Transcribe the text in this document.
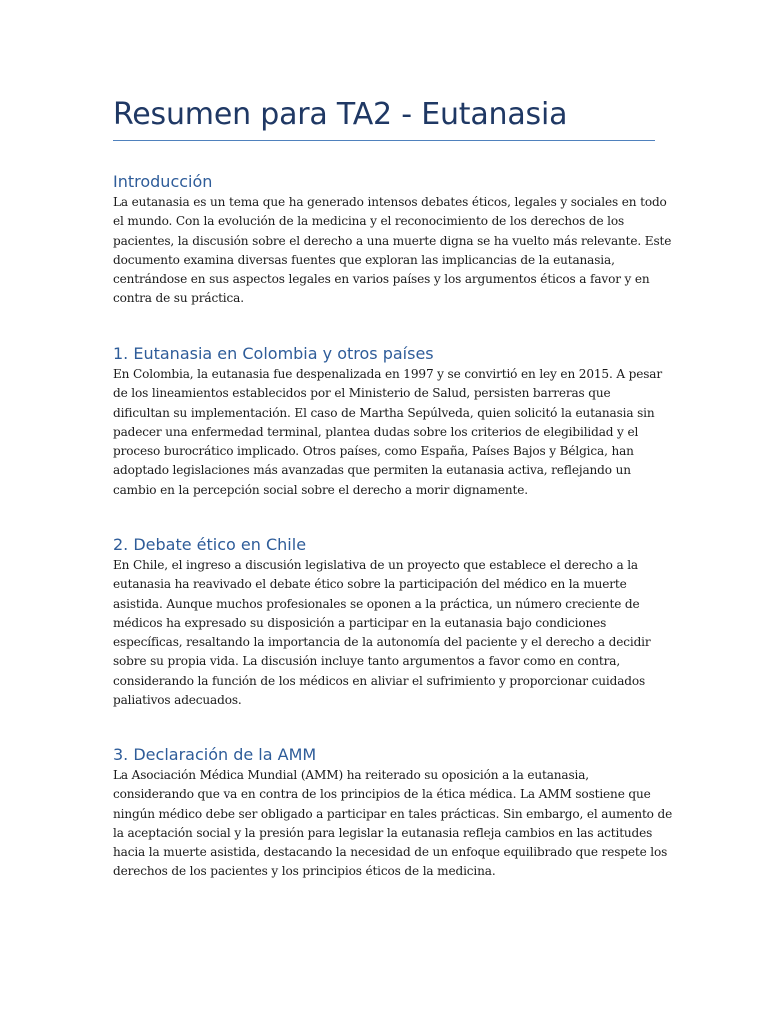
Resumen para TA2 - Eutanasia
Introducción

La eutanasia es un tema que ha generado intensos debates éticos, legales y sociales en todo
el mundo. Con la evolución de la medicina y el reconocimiento de los derechos de los
pacientes, la discusión sobre el derecho a una muerte digna se ha vuelto más relevante. Este
documento examina diversas fuentes que exploran las implicancias de la eutanasia,
centrándose en sus aspectos legales en varios países y los argumentos éticos a favor y en
contra de su práctica.

1. Eutanasia en Colombia y otros países

En Colombia, la eutanasia fue despenalizada en 1997 y se convirtió en ley en 2015. A pesar
de los lineamientos establecidos por el Ministerio de Salud, persisten barreras que
dificultan su implementación. El caso de Martha Sepúlveda, quien solicitó la eutanasia sin
padecer una enfermedad terminal, plantea dudas sobre los criterios de elegibilidad y el
proceso burocrático implicado. Otros países, como España, Países Bajos y Bélgica, han
adoptado legislaciones más avanzadas que permiten la eutanasia activa, reflejando un
cambio en la percepción social sobre el derecho a morir dignamente.

2. Debate ético en Chile

En Chile, el ingreso a discusión legislativa de un proyecto que establece el derecho a la
eutanasia ha reavivado el debate ético sobre la participación del médico en la muerte
asistida. Aunque muchos profesionales se oponen a la práctica, un número creciente de
médicos ha expresado su disposición a participar en la eutanasia bajo condiciones
específicas, resaltando la importancia de la autonomía del paciente y el derecho a decidir
sobre su propia vida. La discusión incluye tanto argumentos a favor como en contra,
considerando la función de los médicos en aliviar el sufrimiento y proporcionar cuidados
paliativos adecuados.

3. Declaración de la AMM

La Asociación Médica Mundial (AMM) ha reiterado su oposición a la eutanasia,
considerando que va en contra de los principios de la ética médica. La AMM sostiene que
ningún médico debe ser obligado a participar en tales prácticas. Sin embargo, el aumento de
la aceptación social y la presión para legislar la eutanasia refleja cambios en las actitudes
hacia la muerte asistida, destacando la necesidad de un enfoque equilibrado que respete los
derechos de los pacientes y los principios éticos de la medicina.
